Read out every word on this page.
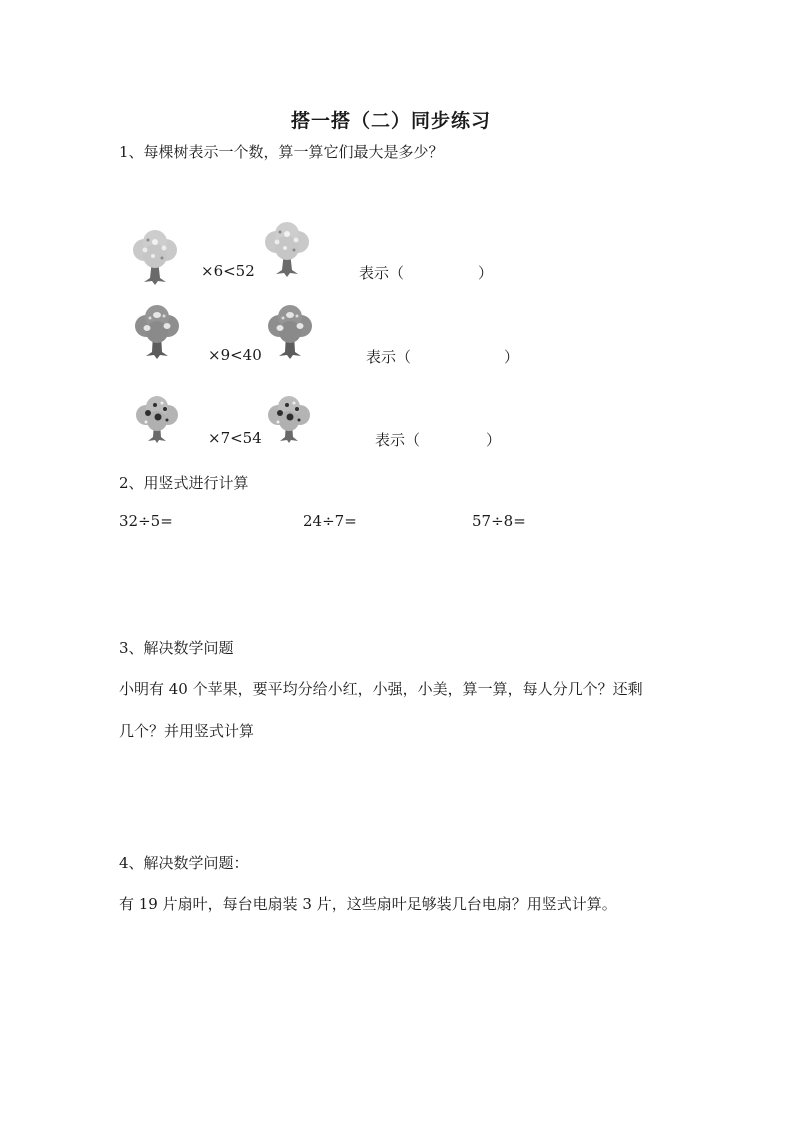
搭一搭（二）同步练习
1、每棵树表示一个数，算一算它们最大是多少？
×6<52	表示（	）
×9<40	表示（	）
×7<54	表示（	）
2、用竖式进行计算
32÷5=	24÷7=	57÷8=
3、解决数学问题
小明有 40 个苹果，要平均分给小红，小强，小美，算一算，每人分几个？还剩
几个？并用竖式计算
4、解决数学问题：
有 19 片扇叶，每台电扇装 3 片，这些扇叶足够装几台电扇？用竖式计算。
